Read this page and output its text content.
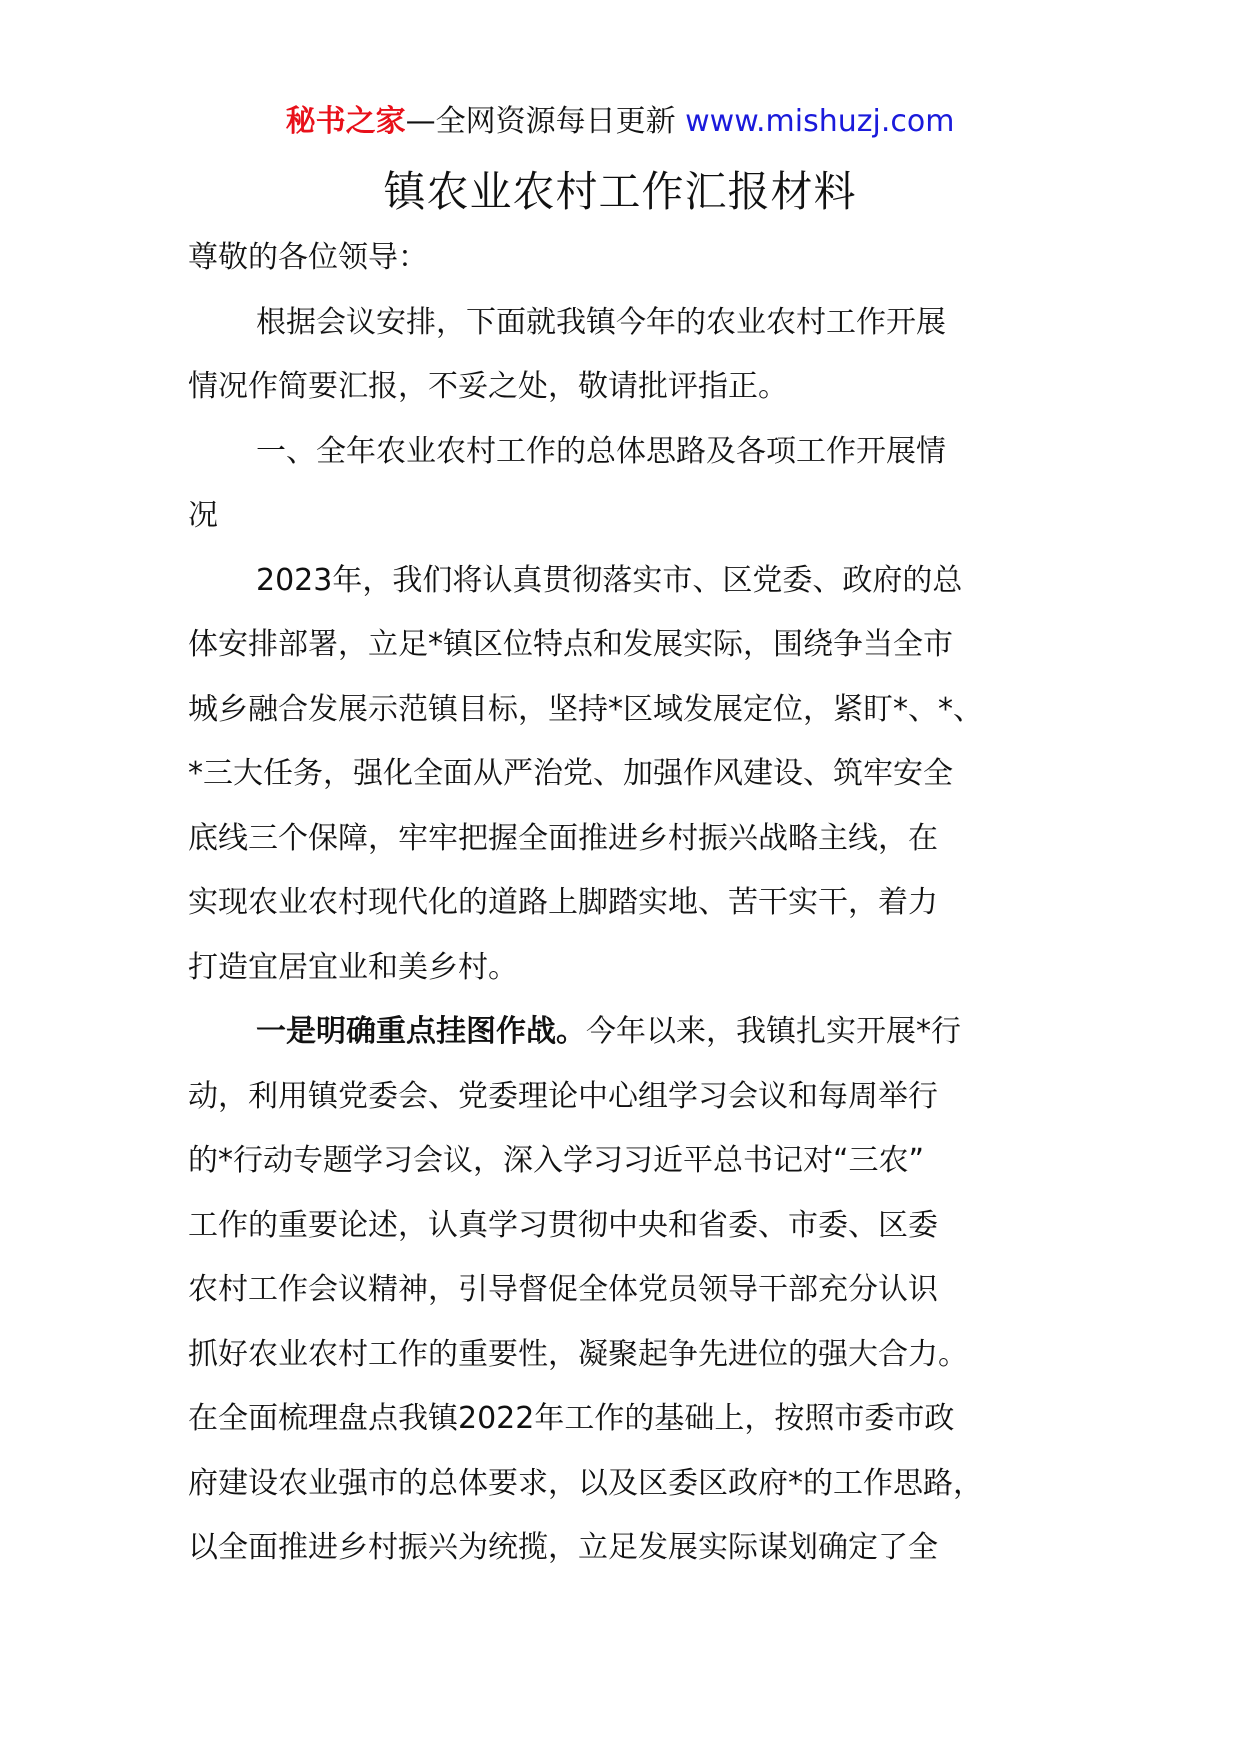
秘书之家—全网资源每日更新 www.mishuzj.com
镇农业农村工作汇报材料

尊敬的各位领导：

根据会议安排，下面就我镇今年的农业农村工作开展
情况作简要汇报，不妥之处，敬请批评指正。

一、全年农业农村工作的总体思路及各项工作开展情
况

2023年，我们将认真贯彻落实市、区党委、政府的总
体安排部署，立足*镇区位特点和发展实际，围绕争当全市
城乡融合发展示范镇目标，坚持*区域发展定位，紧盯*、*、
*三大任务，强化全面从严治党、加强作风建设、筑牢安全
底线三个保障，牢牢把握全面推进乡村振兴战略主线，在
实现农业农村现代化的道路上脚踏实地、苦干实干，着力
打造宜居宜业和美乡村。

一是明确重点挂图作战。今年以来，我镇扎实开展*行
动，利用镇党委会、党委理论中心组学习会议和每周举行
的*行动专题学习会议，深入学习习近平总书记对“三农”
工作的重要论述，认真学习贯彻中央和省委、市委、区委
农村工作会议精神，引导督促全体党员领导干部充分认识
抓好农业农村工作的重要性，凝聚起争先进位的强大合力。
在全面梳理盘点我镇2022年工作的基础上，按照市委市政
府建设农业强市的总体要求，以及区委区政府*的工作思路，
以全面推进乡村振兴为统揽，立足发展实际谋划确定了全
